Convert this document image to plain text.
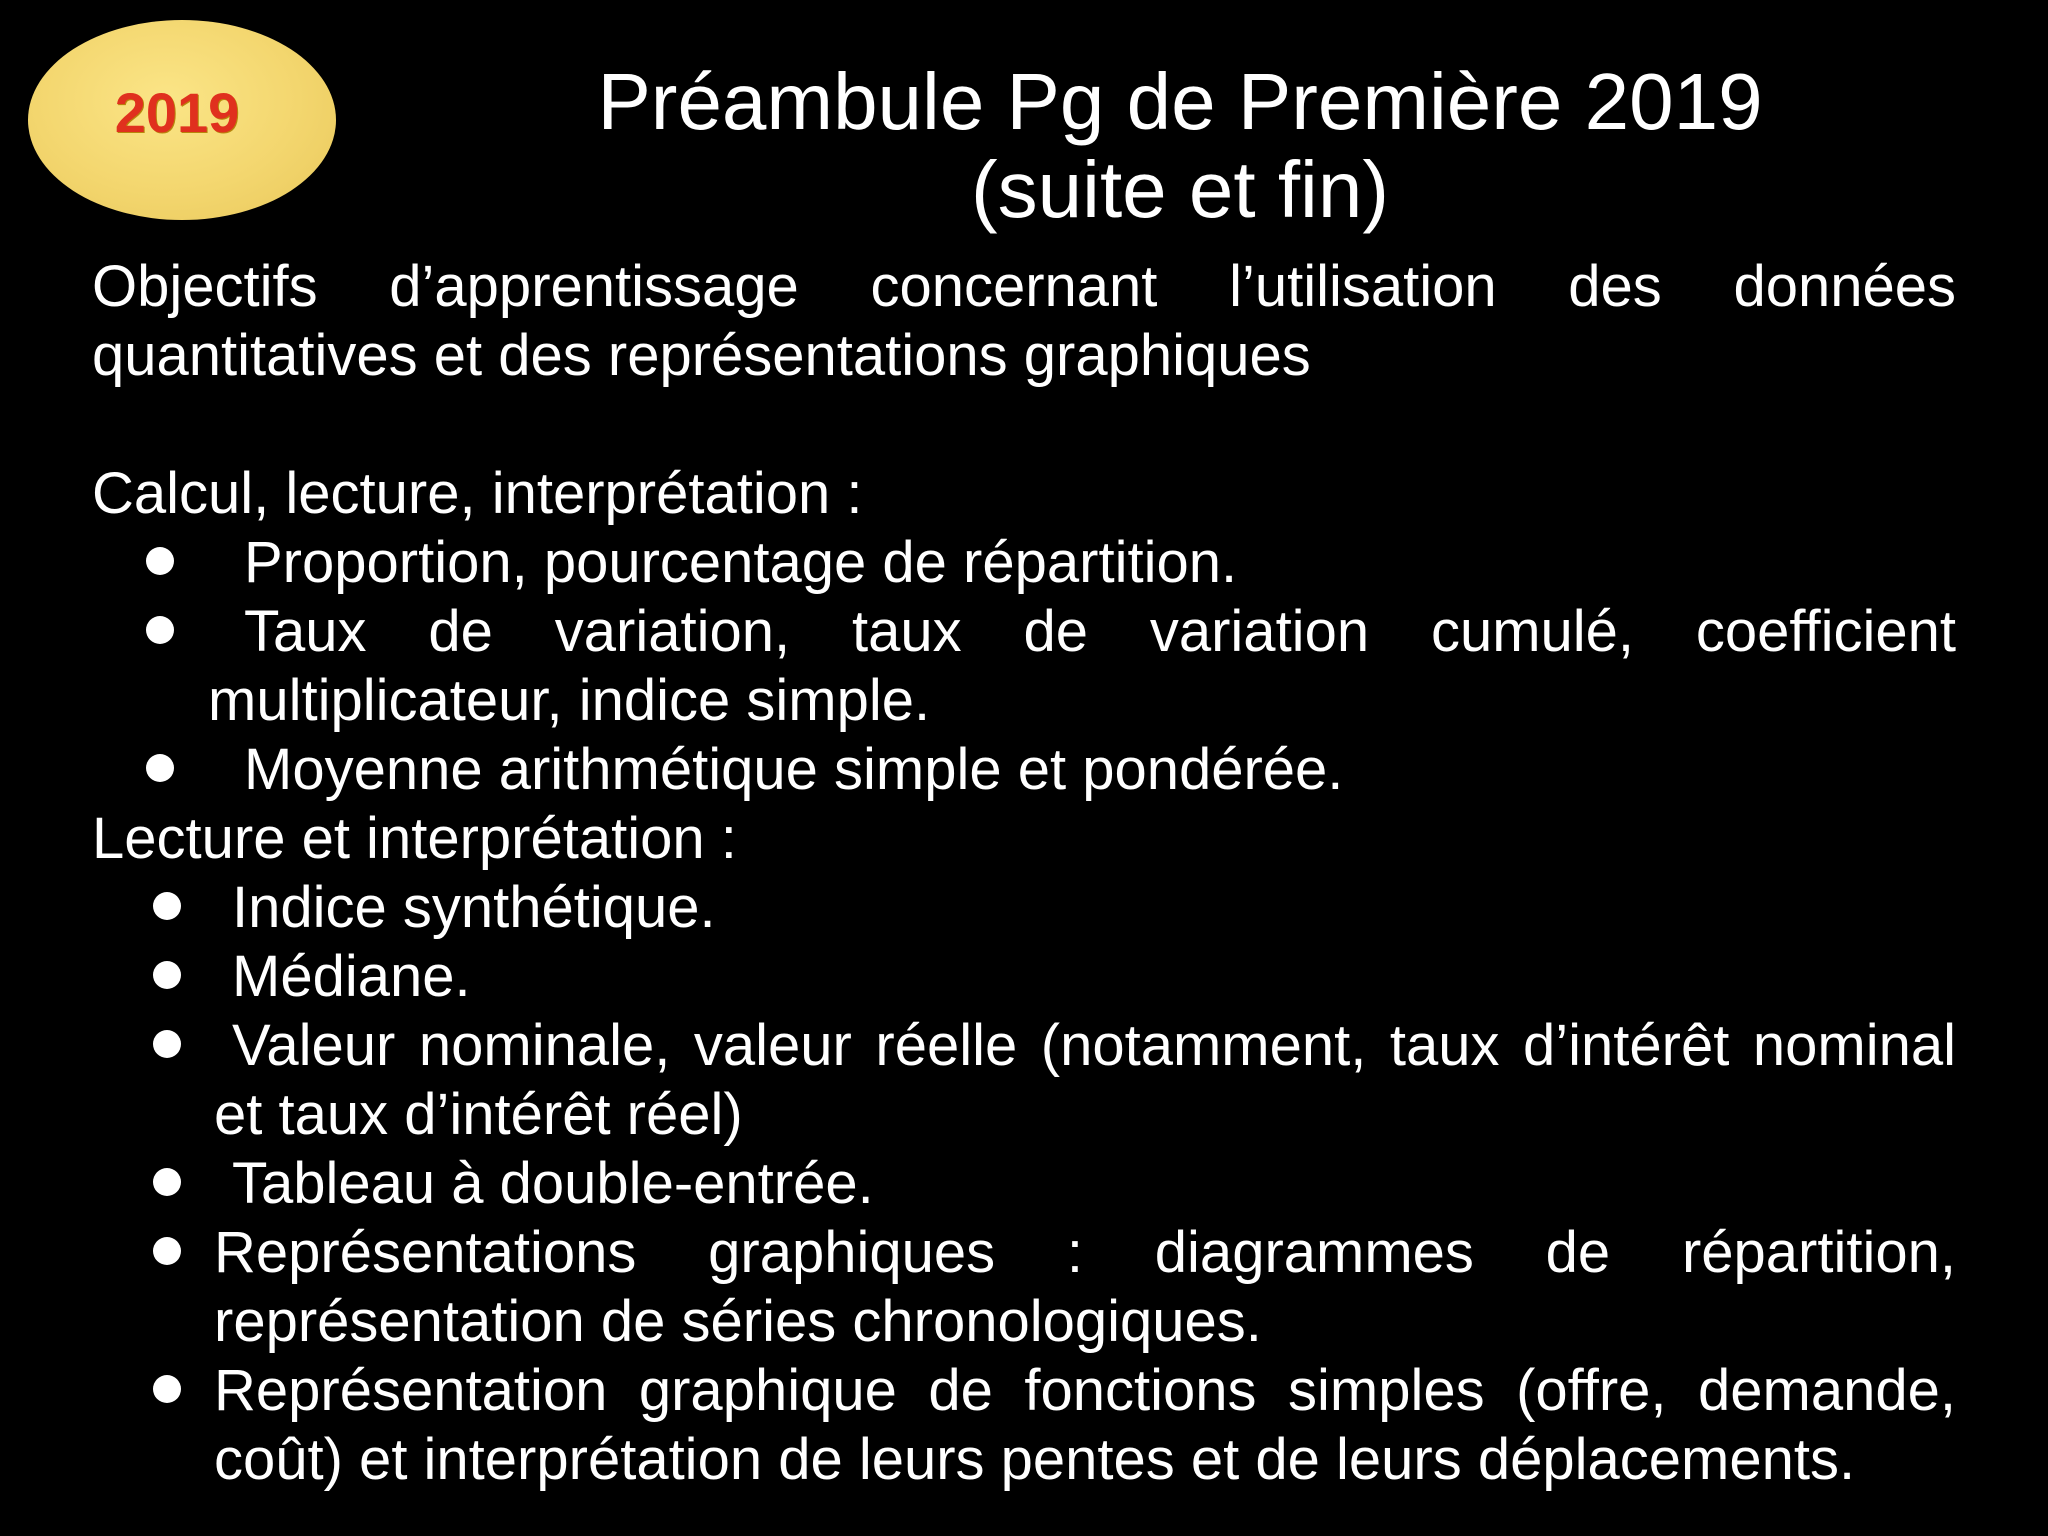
2019	Préambule Pg de Première 2019
(suite et fin)
Objectifs d’apprentissage concernant l’utilisation des données quantitatives et des représentations graphiques
Calcul, lecture, interprétation :
Proportion, pourcentage de répartition.
Taux de variation, taux de variation cumulé, coefficient multiplicateur, indice simple.
Moyenne arithmétique simple et pondérée.
Lecture et interprétation :
Indice synthétique.
Médiane.
Valeur nominale, valeur réelle (notamment, taux d’intérêt nominal et taux d’intérêt réel)
Tableau à double-entrée.
Représentations graphiques : diagrammes de répartition, représentation de séries chronologiques.
Représentation graphique de fonctions simples (offre, demande, coût) et interprétation de leurs pentes et de leurs déplacements.
